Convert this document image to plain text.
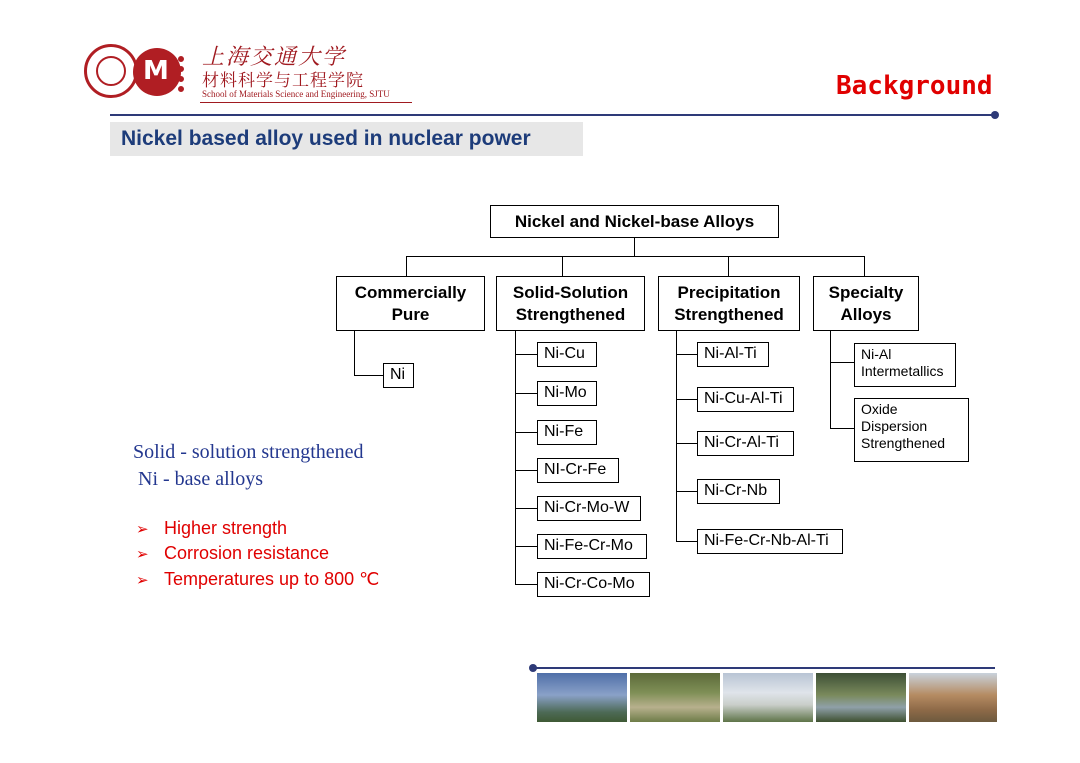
M 上海交通大学
材料科学与工程学院
School of Materials Science and Engineering, SJTU	Background
Nickel based alloy used in nuclear power
Solid - solution strengthened
Ni - base alloys
➢ Higher strength
➢ Corrosion resistance
➢ Temperatures up to 800 ℃
Nickel and Nickel-base Alloys
Commercially
Pure
Solid-Solution
Strengthened
Precipitation
Strengthened
Specialty
Alloys
Ni
Ni-Cu
Ni-Mo
Ni-Fe
NI-Cr-Fe
Ni-Cr-Mo-W
Ni-Fe-Cr-Mo
Ni-Cr-Co-Mo
Ni-Al-Ti
Ni-Cu-Al-Ti
Ni-Cr-Al-Ti
Ni-Cr-Nb
Ni-Fe-Cr-Nb-Al-Ti
Ni-Al
Intermetallics
Oxide
Dispersion
Strengthened
